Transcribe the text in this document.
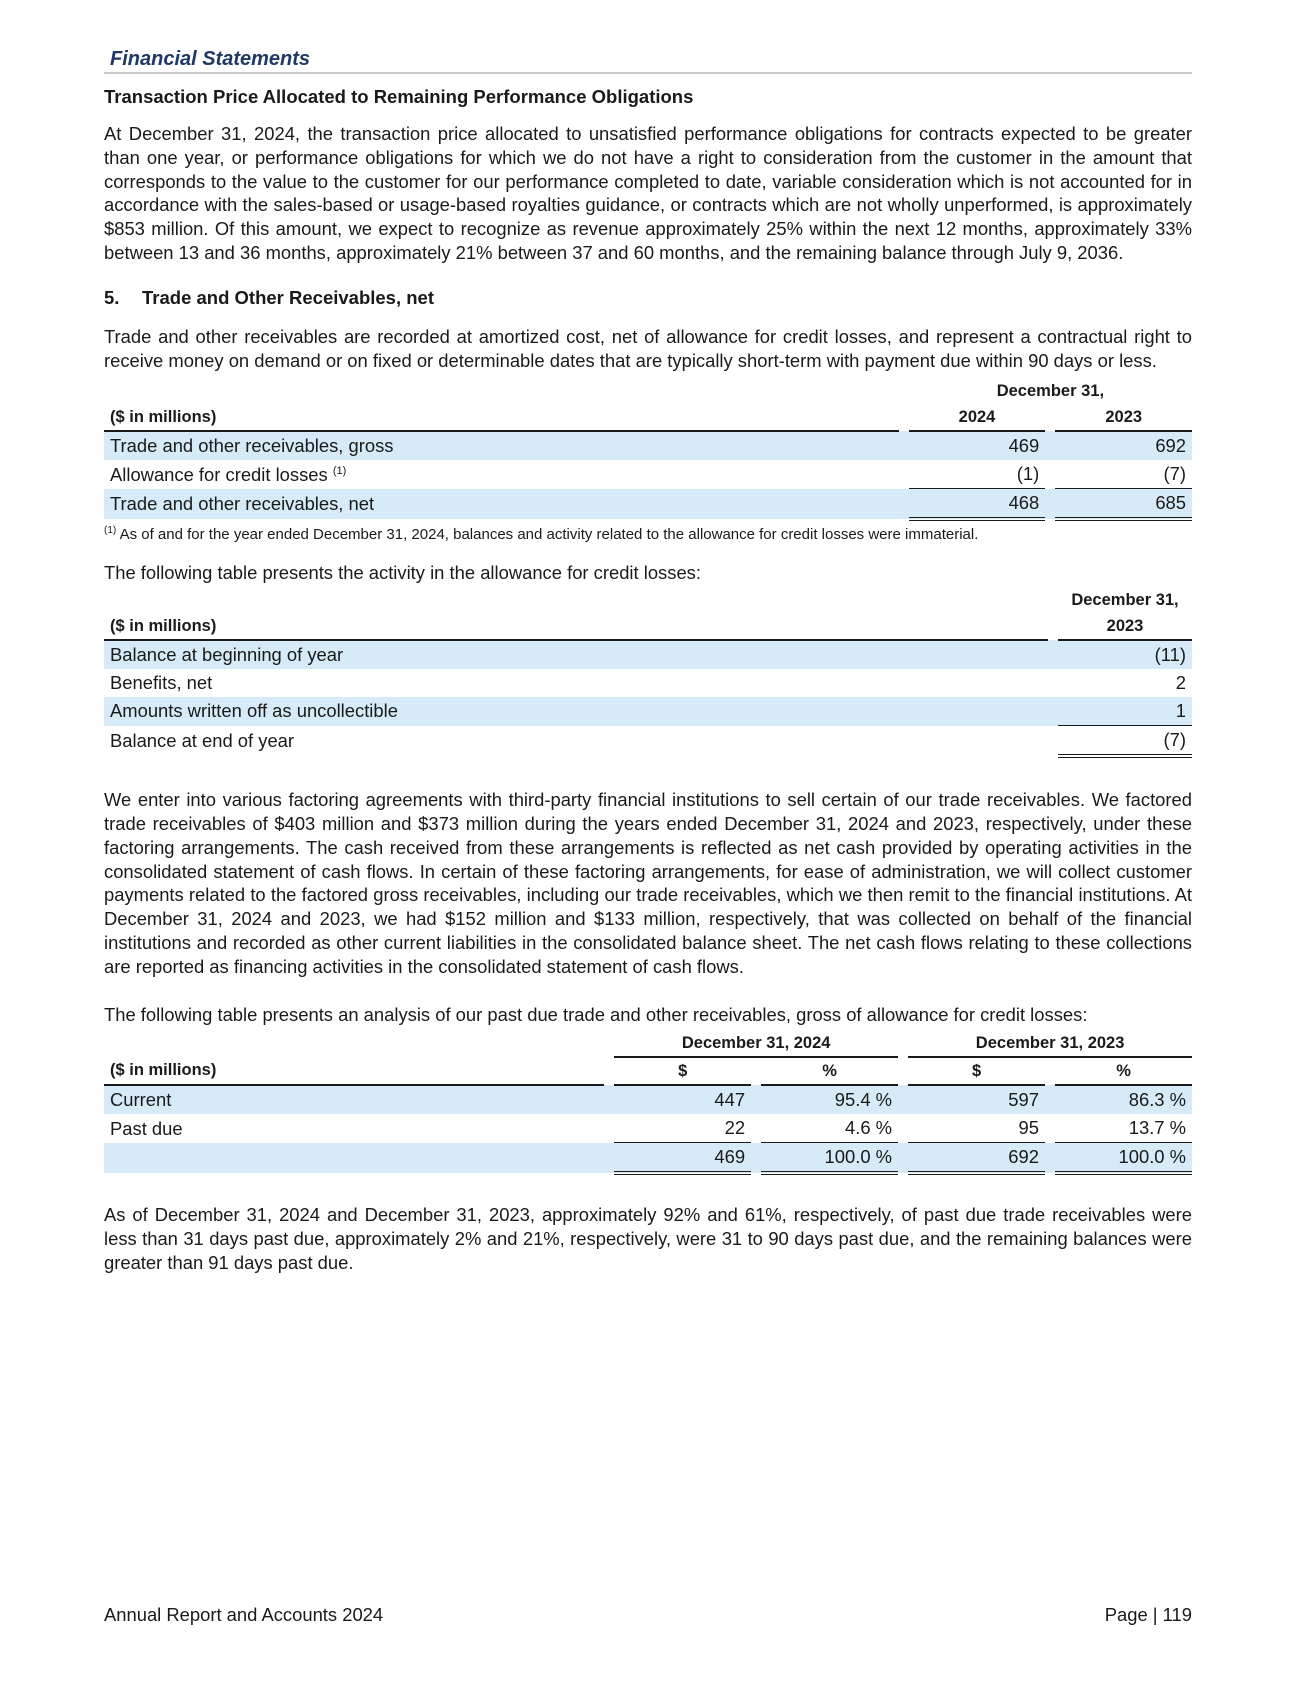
Financial Statements
Transaction Price Allocated to Remaining Performance Obligations

At December 31, 2024, the transaction price allocated to unsatisfied performance obligations for contracts expected to be greater than one year, or performance obligations for which we do not have a right to consideration from the customer in the amount that corresponds to the value to the customer for our performance completed to date, variable consideration which is not accounted for in accordance with the sales-based or usage-based royalties guidance, or contracts which are not wholly unperformed, is approximately $853 million. Of this amount, we expect to recognize as revenue approximately 25% within the next 12 months, approximately 33% between 13 and 36 months, approximately 21% between 37 and 60 months, and the remaining balance through July 9, 2036.

5. Trade and Other Receivables, net

Trade and other receivables are recorded at amortized cost, net of allowance for credit losses, and represent a contractual right to receive money on demand or on fixed or determinable dates that are typically short-term with payment due within 90 days or less.

		December 31,		
($ in millions)		2024		2023
Trade and other receivables, gross		469		692
Allowance for credit losses $^{(1)}$		(1)		(7)
Trade and other receivables, net		468		685

$^{(1)}$ As of and for the year ended December 31, 2024, balances and activity related to the allowance for credit losses were immaterial.

The following table presents the activity in the allowance for credit losses:

		December 31,
($ in millions)		2023
Balance at beginning of year		(11)
Benefits, net		2
Amounts written off as uncollectible		1
Balance at end of year		(7)

We enter into various factoring agreements with third-party financial institutions to sell certain of our trade receivables. We factored trade receivables of $403 million and $373 million during the years ended December 31, 2024 and 2023, respectively, under these factoring arrangements. The cash received from these arrangements is reflected as net cash provided by operating activities in the consolidated statement of cash flows. In certain of these factoring arrangements, for ease of administration, we will collect customer payments related to the factored gross receivables, including our trade receivables, which we then remit to the financial institutions. At December 31, 2024 and 2023, we had $152 million and $133 million, respectively, that was collected on behalf of the financial institutions and recorded as other current liabilities in the consolidated balance sheet. The net cash flows relating to these collections are reported as financing activities in the consolidated statement of cash flows.

The following table presents an analysis of our past due trade and other receivables, gross of allowance for credit losses:

		December 31, 2024				December 31, 2023		
($ in millions)		$		%		$		%
Current		447		95.4 %		597		86.3 %
Past due		22		4.6 %		95		13.7 %
		469		100.0 %		692		100.0 %

As of December 31, 2024 and December 31, 2023, approximately 92% and 61%, respectively, of past due trade receivables were less than 31 days past due, approximately 2% and 21%, respectively, were 31 to 90 days past due, and the remaining balances were greater than 91 days past due.

Annual Report and Accounts 2024	Page | 119
